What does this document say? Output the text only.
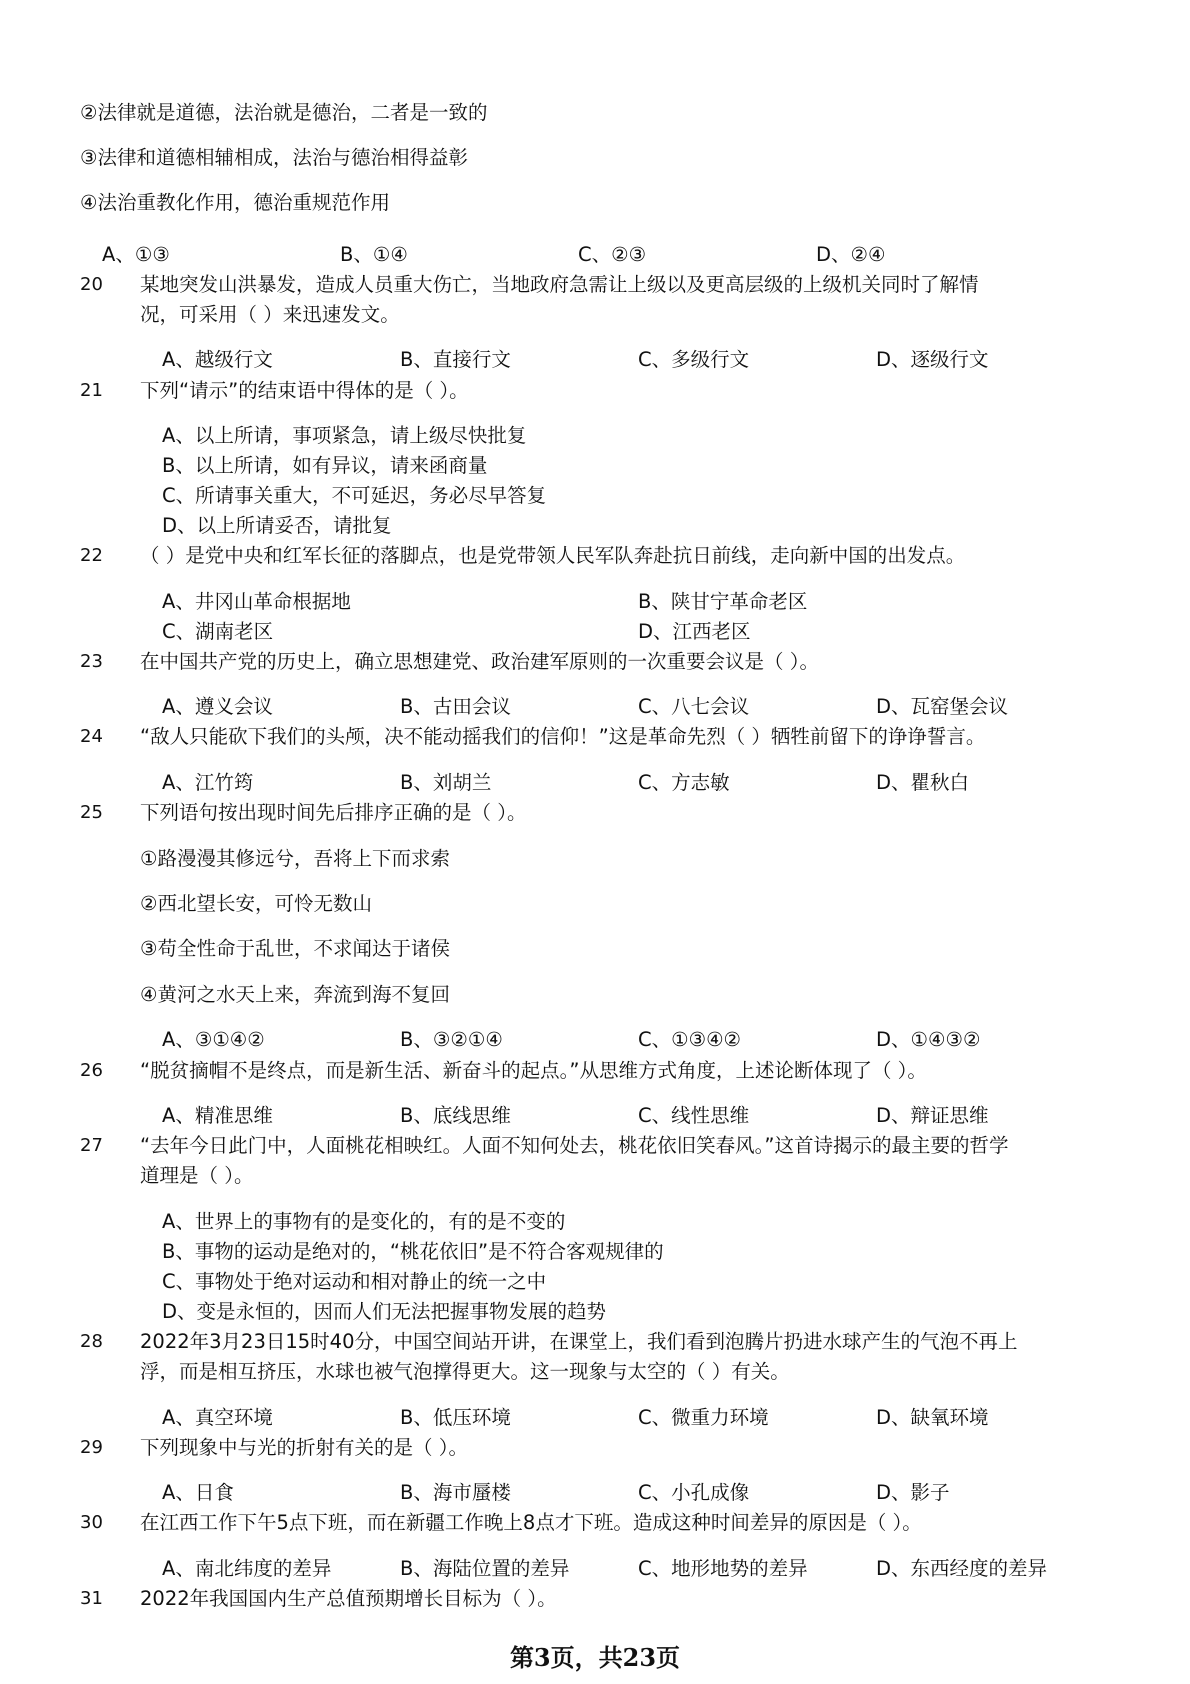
②法律就是道德，法治就是德治，二者是一致的
③法律和道德相辅相成，法治与德治相得益彰
④法治重教化作用，德治重规范作用
A、①③	B、①④	C、②③	D、②④
20 某地突发山洪暴发，造成人员重大伤亡，当地政府急需让上级以及更高层级的上级机关同时了解情
况，可采用（ ）来迅速发文。
A、越级行文	B、直接行文	C、多级行文	D、逐级行文
21 下列“请示”的结束语中得体的是（ ）。
A、以上所请，事项紧急，请上级尽快批复
B、以上所请，如有异议，请来函商量
C、所请事关重大，不可延迟，务必尽早答复
D、以上所请妥否，请批复
22 （ ）是党中央和红军长征的落脚点，也是党带领人民军队奔赴抗日前线，走向新中国的出发点。
A、井冈山革命根据地	B、陕甘宁革命老区
C、湖南老区	D、江西老区
23 在中国共产党的历史上，确立思想建党、政治建军原则的一次重要会议是（ ）。
A、遵义会议	B、古田会议	C、八七会议	D、瓦窑堡会议
24 “敌人只能砍下我们的头颅，决不能动摇我们的信仰！”这是革命先烈（ ）牺牲前留下的诤诤誓言。
A、江竹筠	B、刘胡兰	C、方志敏	D、瞿秋白
25 下列语句按出现时间先后排序正确的是（ ）。
①路漫漫其修远兮，吾将上下而求索
②西北望长安，可怜无数山
③苟全性命于乱世，不求闻达于诸侯
④黄河之水天上来，奔流到海不复回
A、③①④②	B、③②①④	C、①③④②	D、①④③②
26 “脱贫摘帽不是终点，而是新生活、新奋斗的起点。”从思维方式角度，上述论断体现了（ ）。
A、精准思维	B、底线思维	C、线性思维	D、辩证思维
27 “去年今日此门中，人面桃花相映红。人面不知何处去，桃花依旧笑春风。”这首诗揭示的最主要的哲学
道理是（ ）。
A、世界上的事物有的是变化的，有的是不变的
B、事物的运动是绝对的，“桃花依旧”是不符合客观规律的
C、事物处于绝对运动和相对静止的统一之中
D、变是永恒的，因而人们无法把握事物发展的趋势
28 2022年3月23日15时40分，中国空间站开讲，在课堂上，我们看到泡腾片扔进水球产生的气泡不再上
浮，而是相互挤压，水球也被气泡撑得更大。这一现象与太空的（ ）有关。
A、真空环境	B、低压环境	C、微重力环境	D、缺氧环境
29 下列现象中与光的折射有关的是（ ）。
A、日食	B、海市蜃楼	C、小孔成像	D、影子
30 在江西工作下午5点下班，而在新疆工作晚上8点才下班。造成这种时间差异的原因是（ ）。
A、南北纬度的差异	B、海陆位置的差异	C、地形地势的差异	D、东西经度的差异
31 2022年我国国内生产总值预期增长目标为（ ）。
第3页，共23页
